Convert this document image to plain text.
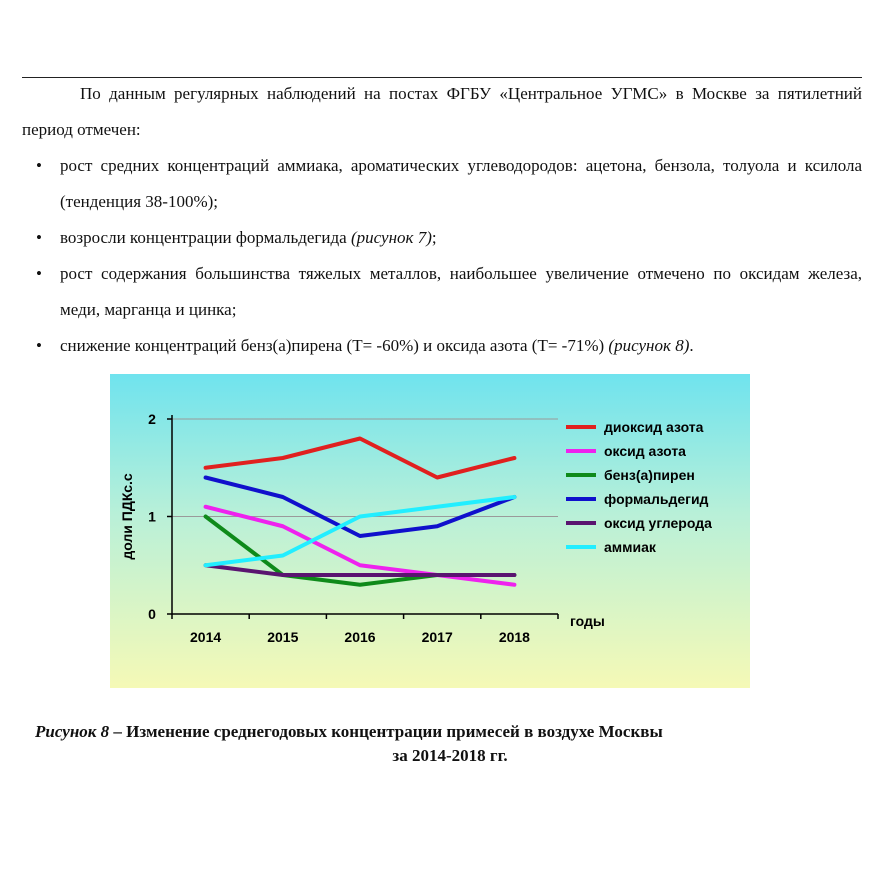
По данным регулярных наблюдений на постах ФГБУ «Центральное УГМС» в Москве за пятилетний период отмечен:

• рост средних концентраций аммиака, ароматических углеводородов: ацетона, бензола, толуола и ксилола (тенденция 38-100%);
• возросли концентрации формальдегида (рисунок 7);
• рост содержания большинства тяжелых металлов, наибольшее увеличение отмечено по оксидам железа, меди, марганца и цинка;
• снижение концентраций бенз(а)пирена (Т= -60%) и оксида азота (Т= -71%) (рисунок 8).
0
1
2
2014	2015	2016	2017	2018
годы
доли ПДКс.с
диоксид азота
оксид азота
бенз(а)пирен
формальдегид
оксид углерода
аммиак

Рисунок 8 – Изменение среднегодовых концентрации примесей в воздухе Москвы

за 2014-2018 гг.
